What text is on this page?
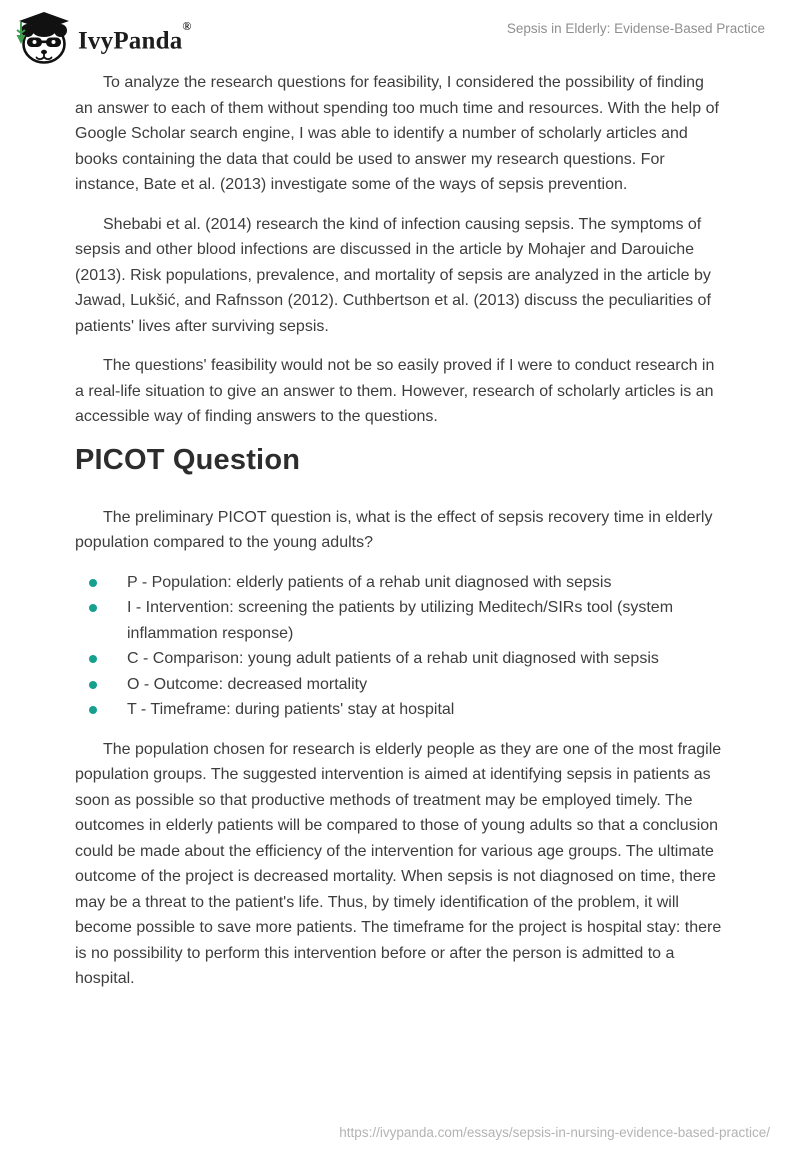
IvyPanda®	Sepsis in Elderly: Evidense-Based Practice

To analyze the research questions for feasibility, I considered the possibility of finding an answer to each of them without spending too much time and resources. With the help of Google Scholar search engine, I was able to identify a number of scholarly articles and books containing the data that could be used to answer my research questions. For instance, Bate et al. (2013) investigate some of the ways of sepsis prevention.

Shebabi et al. (2014) research the kind of infection causing sepsis. The symptoms of sepsis and other blood infections are discussed in the article by Mohajer and Darouiche (2013). Risk populations, prevalence, and mortality of sepsis are analyzed in the article by Jawad, Lukšić, and Rafnsson (2012). Cuthbertson et al. (2013) discuss the peculiarities of patients' lives after surviving sepsis.

The questions' feasibility would not be so easily proved if I were to conduct research in a real-life situation to give an answer to them. However, research of scholarly articles is an accessible way of finding answers to the questions.

PICOT Question

The preliminary PICOT question is, what is the effect of sepsis recovery time in elderly population compared to the young adults?

P - Population: elderly patients of a rehab unit diagnosed with sepsis
I - Intervention: screening the patients by utilizing Meditech/SIRs tool (system inflammation response)
C - Comparison: young adult patients of a rehab unit diagnosed with sepsis
O - Outcome: decreased mortality
T - Timeframe: during patients' stay at hospital

The population chosen for research is elderly people as they are one of the most fragile population groups. The suggested intervention is aimed at identifying sepsis in patients as soon as possible so that productive methods of treatment may be employed timely. The outcomes in elderly patients will be compared to those of young adults so that a conclusion could be made about the efficiency of the intervention for various age groups. The ultimate outcome of the project is decreased mortality. When sepsis is not diagnosed on time, there may be a threat to the patient's life. Thus, by timely identification of the problem, it will become possible to save more patients. The timeframe for the project is hospital stay: there is no possibility to perform this intervention before or after the person is admitted to a hospital.

https://ivypanda.com/essays/sepsis-in-nursing-evidence-based-practice/
